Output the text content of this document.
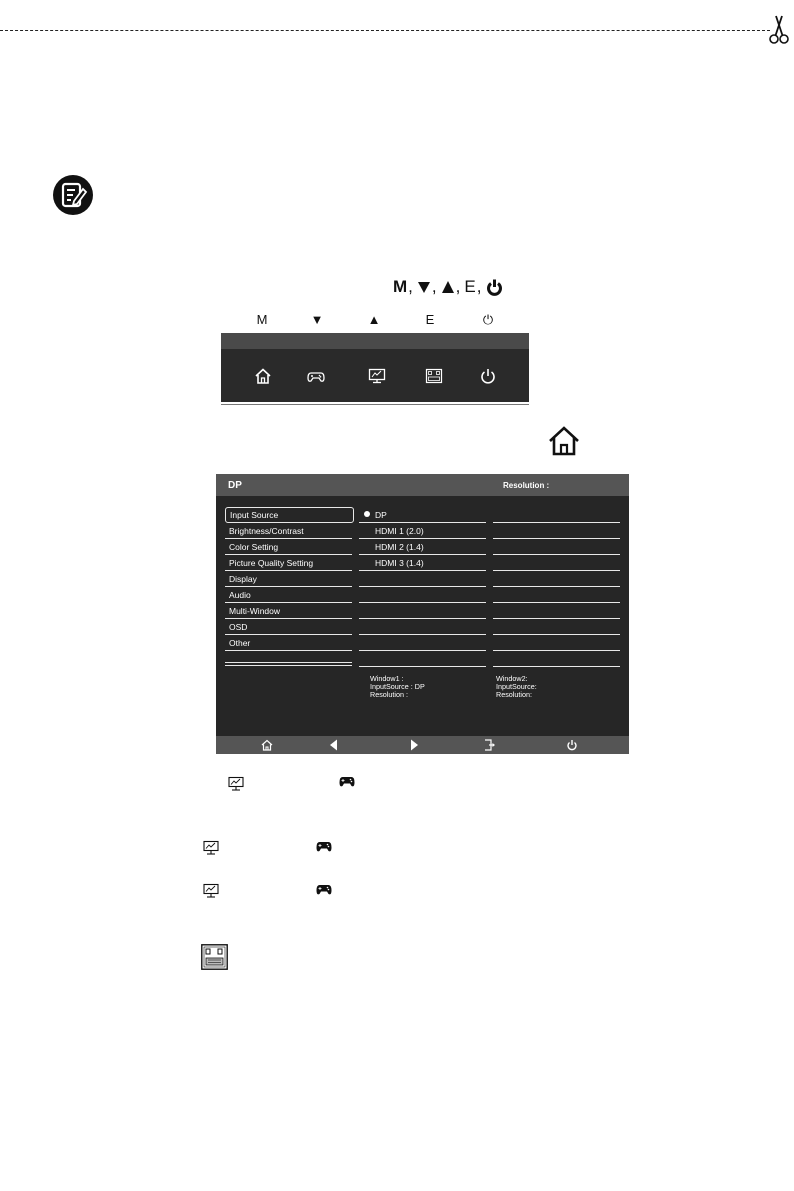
M , , , E ,
M	▼	▲	E	⏻
DP	Resolution :
Input Source
Brightness/Contrast
Color Setting
Picture Quality Setting
Display
Audio
Multi-Window
OSD
Other
DP
HDMI 1 (2.0)
HDMI 2 (1.4)
HDMI 3 (1.4)
Window1 :
InputSource : DP
Resolution :
Window2:
InputSource:
Resolution:
